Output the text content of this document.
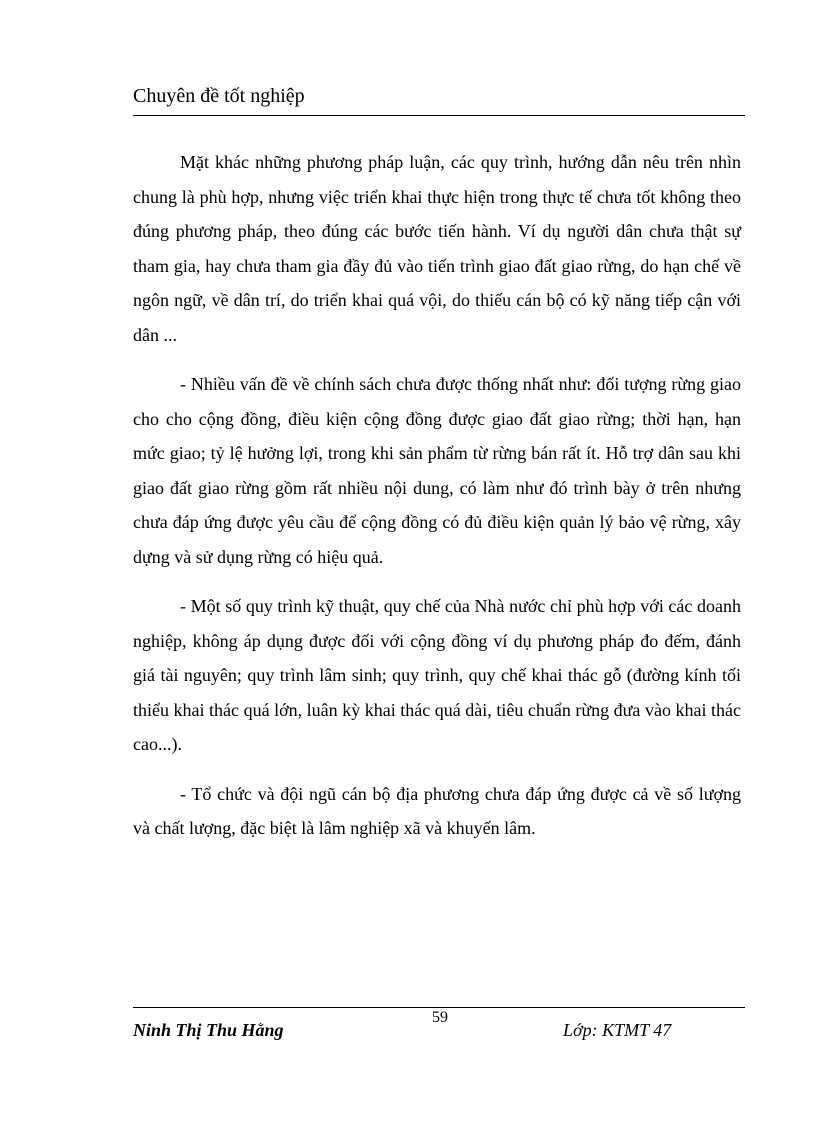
Chuyên đề tốt nghiệp

Mặt khác những phương pháp luận, các quy trình, hướng dẫn nêu trên nhìn chung là phù hợp, nhưng việc triển khai thực hiện trong thực tế chưa tốt không theo đúng phương pháp, theo đúng các bước tiến hành. Ví dụ người dân chưa thật sự tham gia, hay chưa tham gia đầy đủ vào tiến trình giao đất giao rừng, do hạn chế về ngôn ngữ, về dân trí, do triển khai quá vội, do thiếu cán bộ có kỹ năng tiếp cận với dân ...

- Nhiều vấn đề về chính sách chưa được thống nhất như: đối tượng rừng giao cho cho cộng đồng, điều kiện cộng đồng được giao đất giao rừng; thời hạn, hạn mức giao; tỷ lệ hưởng lợi, trong khi sản phẩm từ rừng bán rất ít. Hỗ trợ dân sau khi giao đất giao rừng gồm rất nhiều nội dung, có làm như đó trình bày ở trên nhưng chưa đáp ứng được yêu cầu để cộng đồng có đủ điều kiện quản lý bảo vệ rừng, xây dựng và sử dụng rừng có hiệu quả.

- Một số quy trình kỹ thuật, quy chế của Nhà nước chỉ phù hợp với các doanh nghiệp, không áp dụng được đối với cộng đồng ví dụ phương pháp đo đếm, đánh giá tài nguyên; quy trình lâm sinh; quy trình, quy chế khai thác gỗ (đường kính tối thiểu khai thác quá lớn, luân kỳ khai thác quá dài, tiêu chuẩn rừng đưa vào khai thác cao...).

- Tổ chức và đội ngũ cán bộ địa phương chưa đáp ứng được cả về số lượng và chất lượng, đặc biệt là lâm nghiệp xã và khuyến lâm.

Ninh Thị Thu Hằng

59

Lớp: KTMT 47
